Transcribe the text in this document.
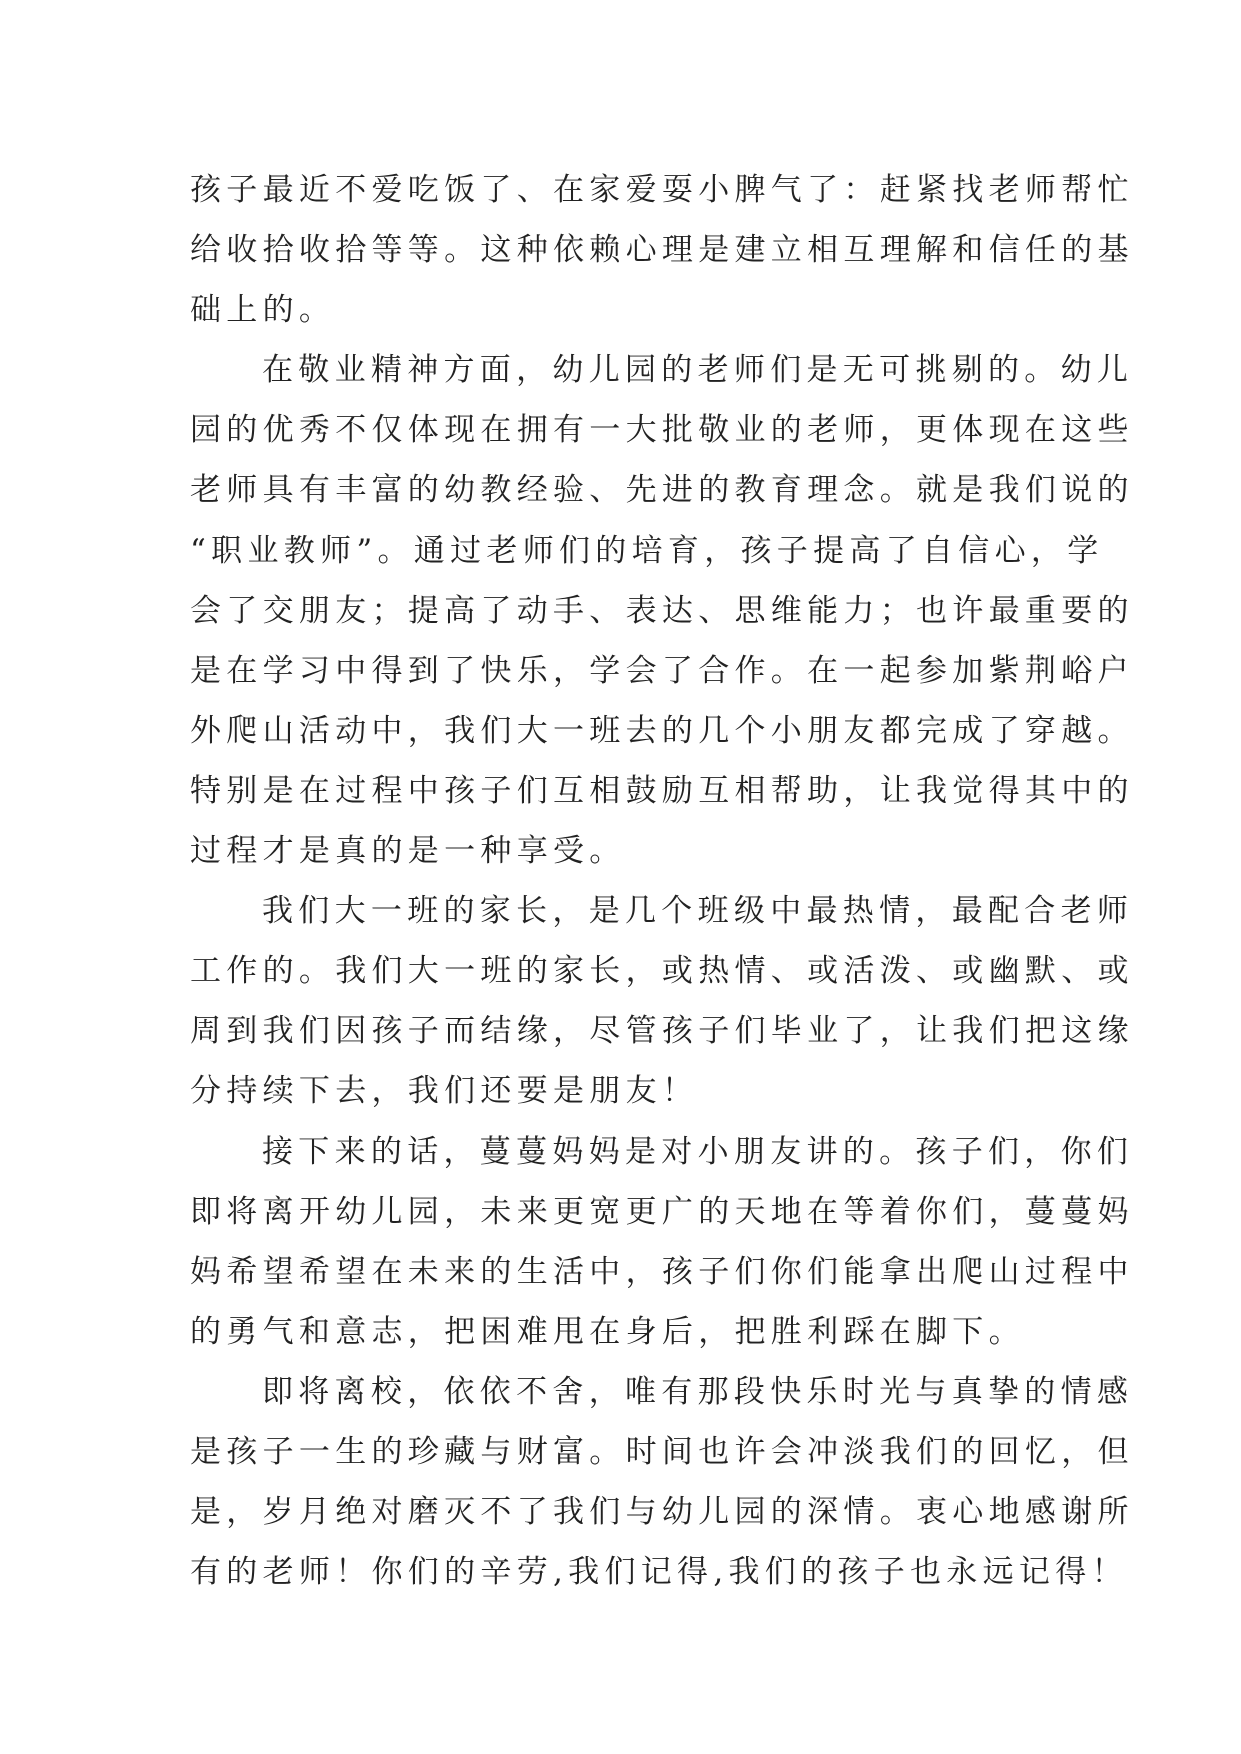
孩子最近不爱吃饭了、在家爱耍小脾气了：赶紧找老师帮忙
给收拾收拾等等。这种依赖心理是建立相互理解和信任的基
础上的。
在敬业精神方面，幼儿园的老师们是无可挑剔的。幼儿
园的优秀不仅体现在拥有一大批敬业的老师，更体现在这些
老师具有丰富的幼教经验、先进的教育理念。就是我们说的
“职业教师”。通过老师们的培育，孩子提高了自信心，学
会了交朋友；提高了动手、表达、思维能力；也许最重要的
是在学习中得到了快乐，学会了合作。在一起参加紫荆峪户
外爬山活动中，我们大一班去的几个小朋友都完成了穿越。
特别是在过程中孩子们互相鼓励互相帮助，让我觉得其中的
过程才是真的是一种享受。
我们大一班的家长，是几个班级中最热情，最配合老师
工作的。我们大一班的家长，或热情、或活泼、或幽默、或
周到我们因孩子而结缘，尽管孩子们毕业了，让我们把这缘
分持续下去，我们还要是朋友！
接下来的话，蔓蔓妈妈是对小朋友讲的。孩子们，你们
即将离开幼儿园，未来更宽更广的天地在等着你们，蔓蔓妈
妈希望希望在未来的生活中，孩子们你们能拿出爬山过程中
的勇气和意志，把困难甩在身后，把胜利踩在脚下。
即将离校，依依不舍，唯有那段快乐时光与真挚的情感
是孩子一生的珍藏与财富。时间也许会冲淡我们的回忆，但
是，岁月绝对磨灭不了我们与幼儿园的深情。衷心地感谢所
有的老师！你们的辛劳,我们记得,我们的孩子也永远记得！
